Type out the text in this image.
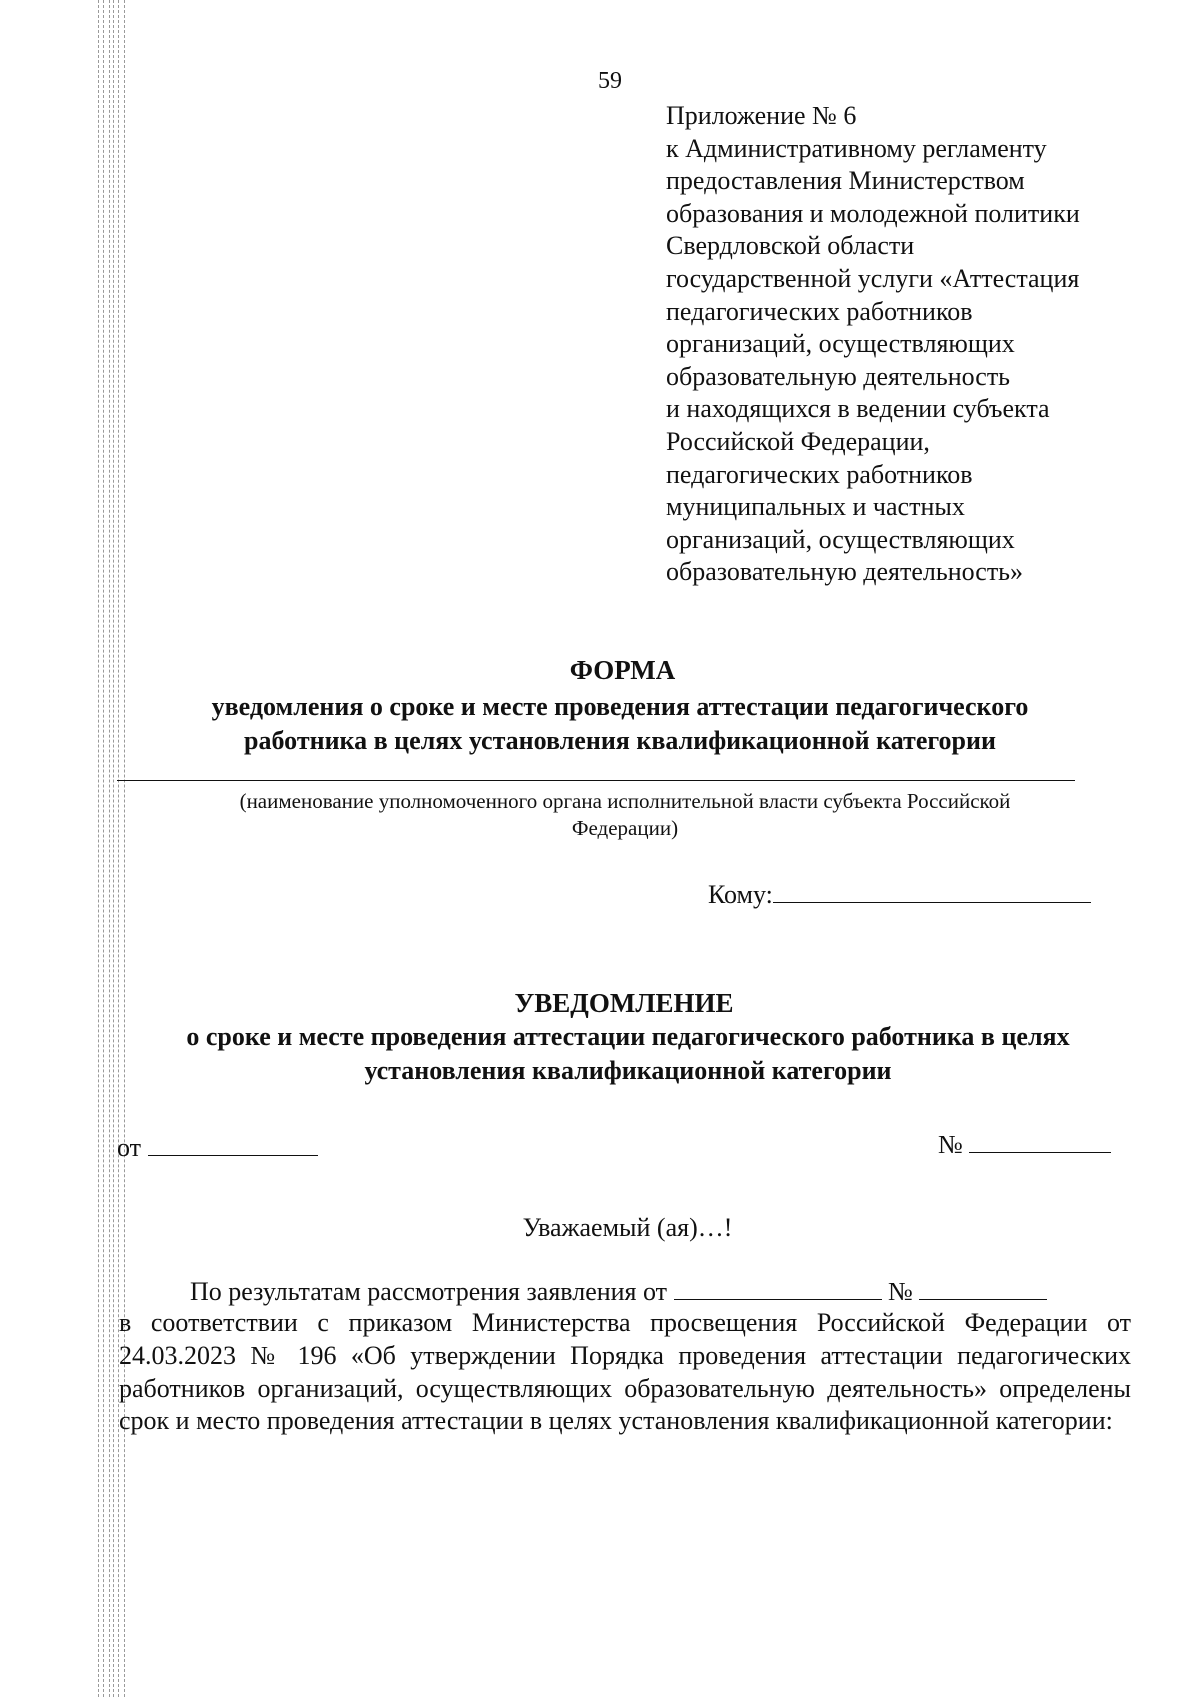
59
Приложение № 6
к Административному регламенту
предоставления Министерством
образования и молодежной политики
Свердловской области
государственной услуги «Аттестация
педагогических работников
организаций, осуществляющих
образовательную деятельность
и находящихся в ведении субъекта
Российской Федерации,
педагогических работников
муниципальных и частных
организаций, осуществляющих
образовательную деятельность»
ФОРМА
уведомления о сроке и месте проведения аттестации педагогического работника в целях установления квалификационной категории
(наименование уполномоченного органа исполнительной власти субъекта Российской Федерации)
Кому:
УВЕДОМЛЕНИЕ
о сроке и месте проведения аттестации педагогического работника в целях установления квалификационной категории
от	№
Уважаемый (ая)…!
По результатам рассмотрения заявления от	№
в соответствии с приказом Министерства просвещения Российской Федерации от 24.03.2023 № 196 «Об утверждении Порядка проведения аттестации педагогических работников организаций, осуществляющих образовательную деятельность» определены срок и место проведения аттестации в целях установления квалификационной категории:
